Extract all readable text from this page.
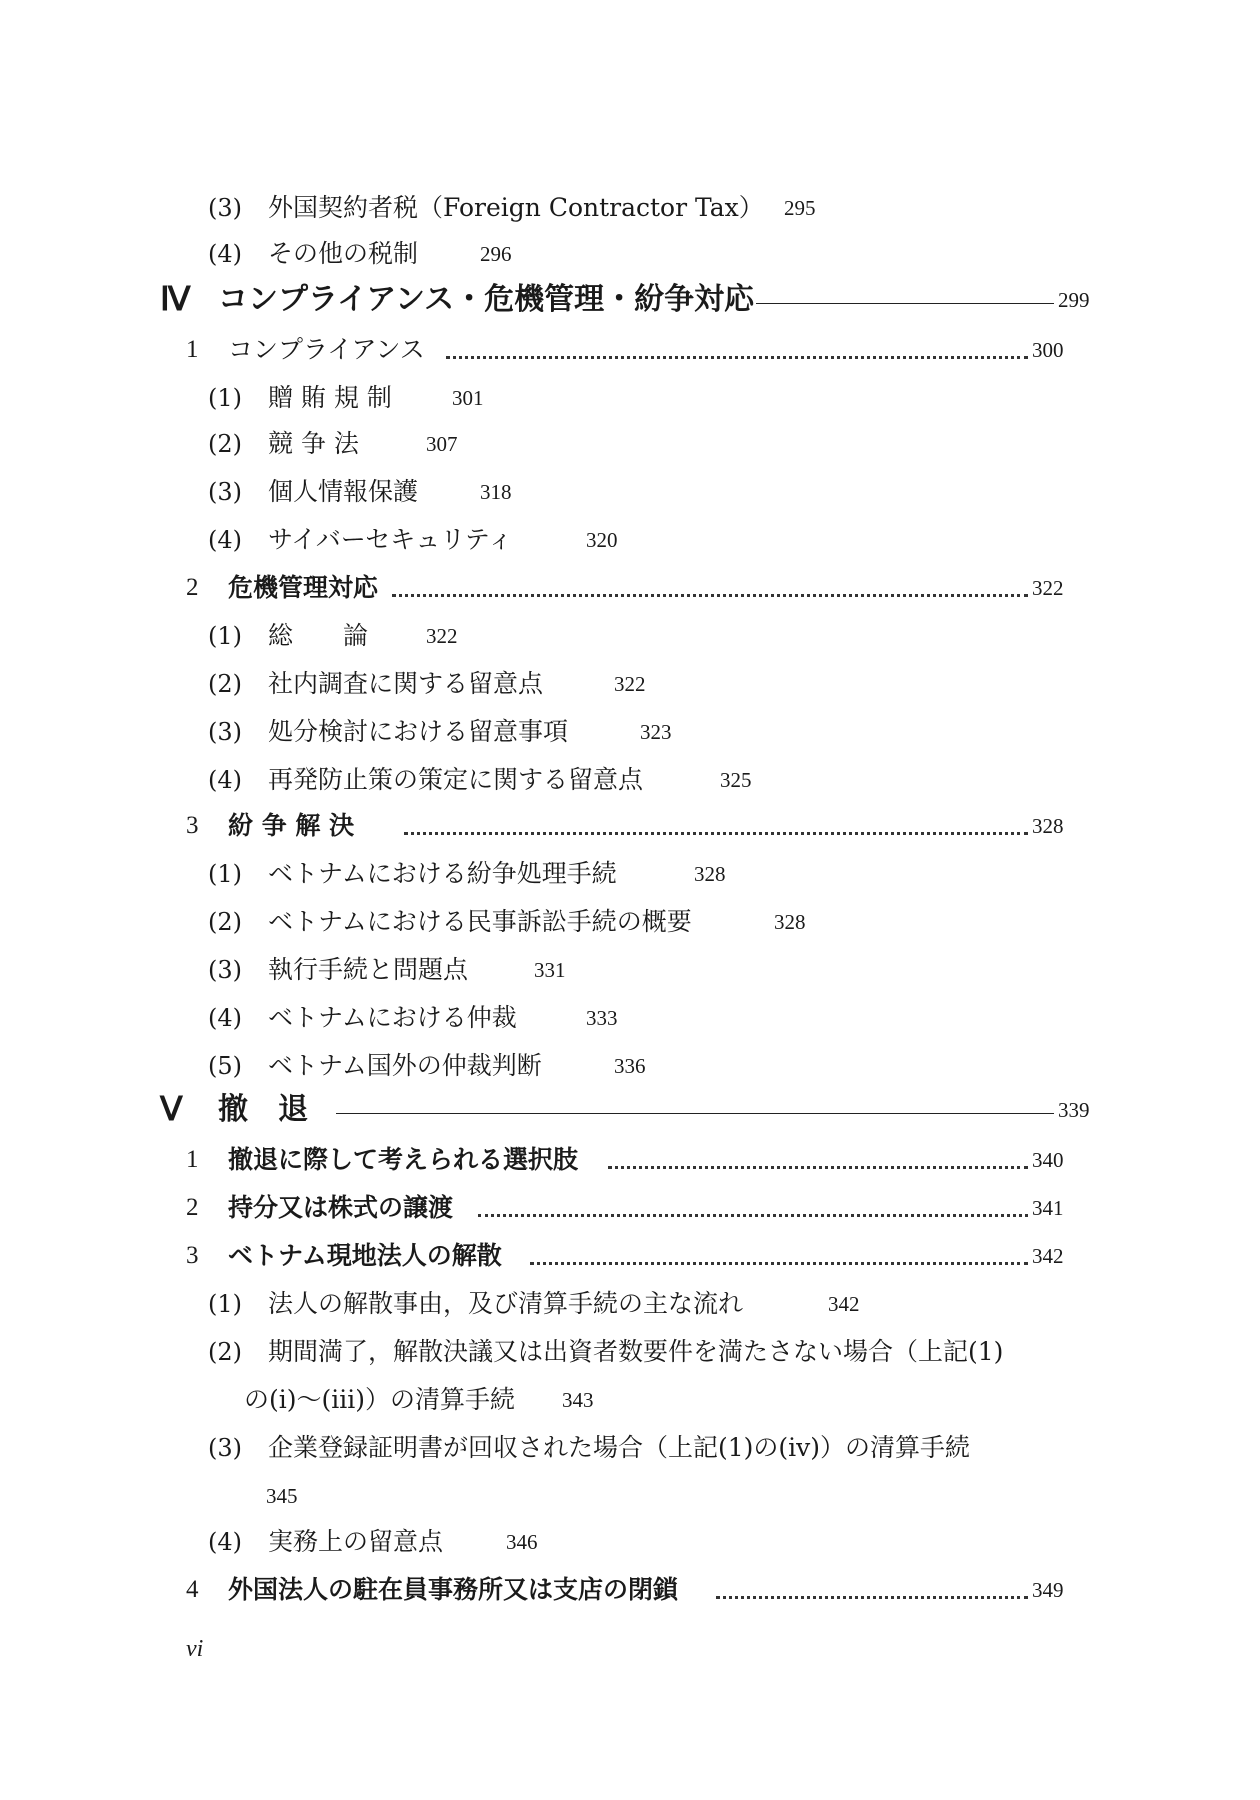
(3) 外国契約者税（Foreign Contractor Tax） 295
(4) その他の税制	296
Ⅳ コンプライアンス・危機管理・紛争対応	299
1 コンプライアンス	300
(1) 贈 賄 規 制	301
(2) 競 争 法	307
(3) 個人情報保護	318
(4) サイバーセキュリティ	320
2 危機管理対応	322
(1) 総　　論	322
(2) 社内調査に関する留意点	322
(3) 処分検討における留意事項	323
(4) 再発防止策の策定に関する留意点	325
3 紛 争 解 決	328
(1) ベトナムにおける紛争処理手続	328
(2) ベトナムにおける民事訴訟手続の概要	328
(3) 執行手続と問題点	331
(4) ベトナムにおける仲裁	333
(5) ベトナム国外の仲裁判断	336
Ⅴ 撤　退	339
1 撤退に際して考えられる選択肢	340
2 持分又は株式の譲渡	341
3 ベトナム現地法人の解散	342
(1) 法人の解散事由，及び清算手続の主な流れ	342
(2) 期間満了，解散決議又は出資者数要件を満たさない場合（上記(1)
の(ⅰ)〜(ⅲ)）の清算手続 343
(3) 企業登録証明書が回収された場合（上記(1)の(ⅳ)）の清算手続
345
(4) 実務上の留意点	346
4 外国法人の駐在員事務所又は支店の閉鎖	349
vi
